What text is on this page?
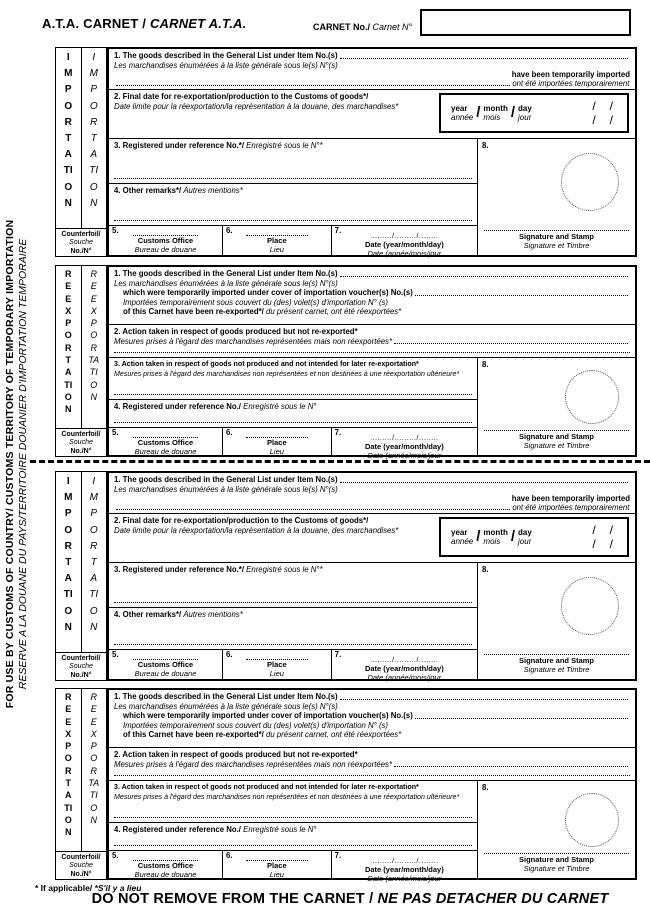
A.T.A. CARNET / CARNET A.T.A.	CARNET No./ Carnet N°
FOR USE BY CUSTOMS OF COUNTRY/ CUSTOMS TERRITORY OF TEMPORARY IMPORTATION RESERVE A LA DOUANE DU PAYS/TERRITOIRE DOUANIER D'IMPORTATION TEMPORAIRE
IMPORTATION
IMPORTATION
Counterfoil/
Souche
No./N°
1. The goods described in the General List under Item No.(s)
Les marchandises énumérées à la liste générale sous le(s) N°(s)
have been temporarily imported
ont été importées temporairement
2. Final date for re-exportation/production to the Customs of goods*/
Date limite pour la réexportation/la représentation à la douane, des marchandises*	year
année / month
mois / day
jour
/ /
/ /
3. Registered under reference No.*/ Enregistré sous le N°*
4. Other remarks*/ Autres mentions*
5.
Customs Office
Bureau de douane
6.
Place
Lieu
7.
........./........./........
Date (year/month/day)
Date (année/mois/jour
8.
Signature and Stamp
Signature et Timbre
REEXPORTATION
REEXPORTATION
Counterfoil/
Souche
No./N°
1. The goods described in the General List under Item No.(s)
Les marchandises énumérées à la liste générale sous le(s) N°(s)
which were temporarily imported under cover of importation voucher(s) No.(s)
Importées temporairement sous couvert du (des) volet(s) d'importation N° (s)
of this Carnet have been re-exported*/ du présent carnet, ont été réexportées*
2. Action taken in respect of goods produced but not re-exported*
Mesures prises à l'égard des marchandises représentées mais non réexportées*
3. Action taken in respect of goods not produced and not intended for later re-exportation*
Mesures prises à l'égard des marchandises non représentées et non destinées à une réexportation ultérieure*
4. Registered under reference No./ Enregistré sous le N°
5.
Customs Office
Bureau de douane
6.
Place
Lieu
7.
........./........./........
Date (year/month/day)
Date (année/mois/jour
8.
Signature and Stamp
Signature et Timbre
IMPORTATION
IMPORTATION
Counterfoil/
Souche
No./N°
1. The goods described in the General List under Item No.(s)
Les marchandises énumérées à la liste générale sous le(s) N°(s)
have been temporarily imported
ont été importées temporairement
2. Final date for re-exportation/production to the Customs of goods*/
Date limite pour la réexportation/la représentation à la douane, des marchandises*	year
année / month
mois / day
jour
/ /
/ /
3. Registered under reference No.*/ Enregistré sous le N°*
4. Other remarks*/ Autres mentions*
5.
Customs Office
Bureau de douane
6.
Place
Lieu
7.
........./........./........
Date (year/month/day)
Date (année/mois/jour
8.
Signature and Stamp
Signature et Timbre
REEXPORTATION
REEXPORTATION
Counterfoil/
Souche
No./N°
1. The goods described in the General List under Item No.(s)
Les marchandises énumérées à la liste générale sous le(s) N°(s)
which were temporarily imported under cover of importation voucher(s) No.(s)
Importées temporairement sous couvert du (des) volet(s) d'importation N° (s)
of this Carnet have been re-exported*/ du présent carnet, ont été réexportées*
2. Action taken in respect of goods produced but not re-exported*
Mesures prises à l'égard des marchandises représentées mais non réexportées*
3. Action taken in respect of goods not produced and not intended for later re-exportation*
Mesures prises à l'égard des marchandises non représentées et non destinées à une réexportation ultérieure*
4. Registered under reference No./ Enregistré sous le N°
5.
Customs Office
Bureau de douane
6.
Place
Lieu
7.
........./........./........
Date (year/month/day)
Date (année/mois/jour
8.
Signature and Stamp
Signature et Timbre
* If applicable/ *S'il y a lieu
DO NOT REMOVE FROM THE CARNET / NE PAS DETACHER DU CARNET
